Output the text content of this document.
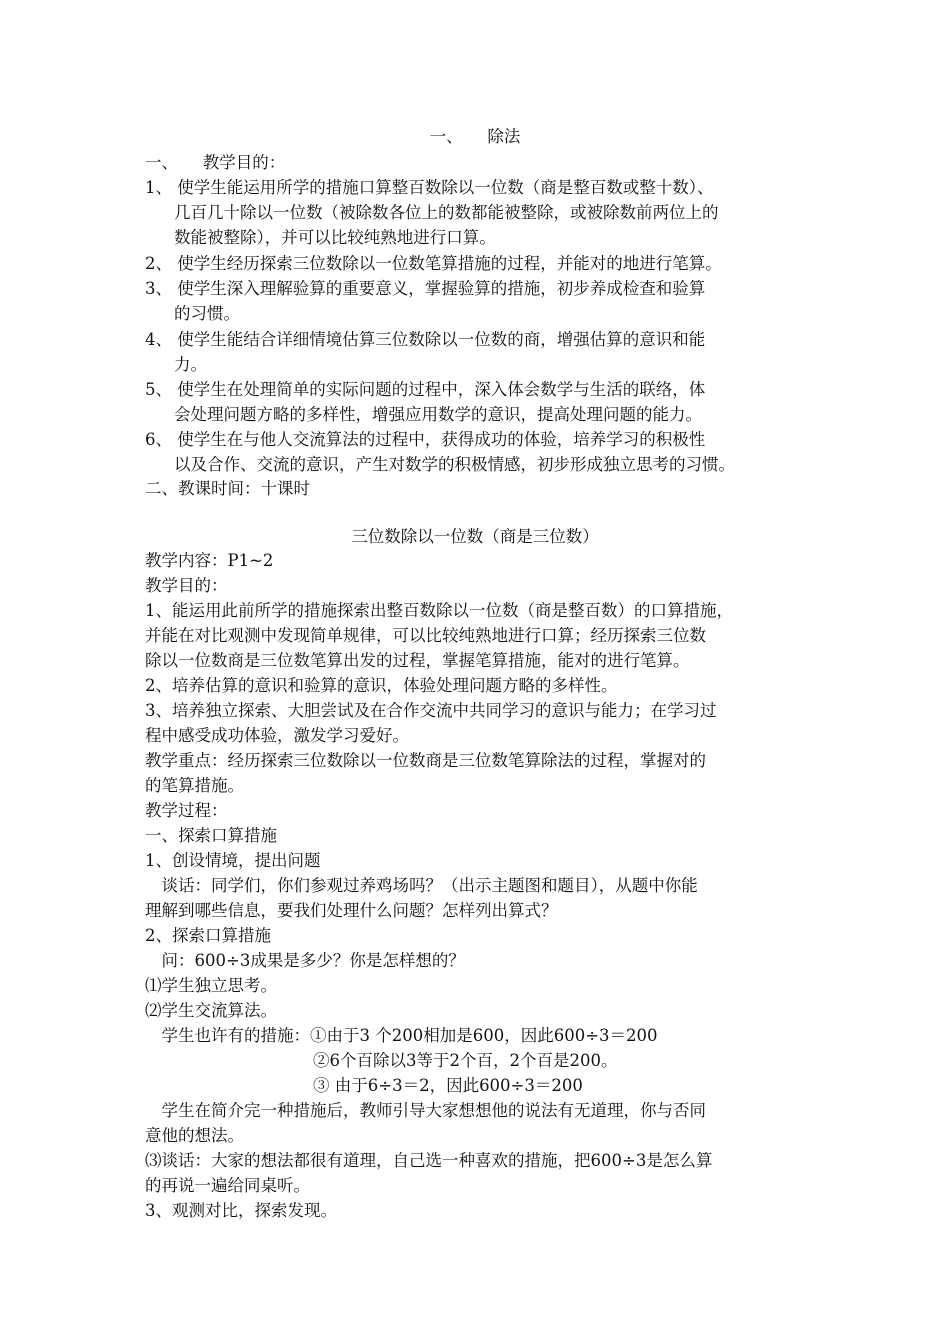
一、　　除法
一、　　教学目的：
1、 使学生能运用所学的措施口算整百数除以一位数（商是整百数或整十数）、
几百几十除以一位数（被除数各位上的数都能被整除，或被除数前两位上的
数能被整除），并可以比较纯熟地进行口算。
2、 使学生经历探索三位数除以一位数笔算措施的过程，并能对的地进行笔算。
3、 使学生深入理解验算的重要意义，掌握验算的措施，初步养成检查和验算
的习惯。
4、 使学生能结合详细情境估算三位数除以一位数的商，增强估算的意识和能
力。
5、 使学生在处理简单的实际问题的过程中，深入体会数学与生活的联络，体
会处理问题方略的多样性，增强应用数学的意识，提高处理问题的能力。
6、 使学生在与他人交流算法的过程中，获得成功的体验，培养学习的积极性
以及合作、交流的意识，产生对数学的积极情感，初步形成独立思考的习惯。
二、教课时间：十课时
三位数除以一位数（商是三位数）
教学内容：P1~2
教学目的：
1、能运用此前所学的措施探索出整百数除以一位数（商是整百数）的口算措施，
并能在对比观测中发现简单规律，可以比较纯熟地进行口算；经历探索三位数
除以一位数商是三位数笔算出发的过程，掌握笔算措施，能对的进行笔算。
2、培养估算的意识和验算的意识，体验处理问题方略的多样性。
3、培养独立探索、大胆尝试及在合作交流中共同学习的意识与能力；在学习过
程中感受成功体验，激发学习爱好。
教学重点：经历探索三位数除以一位数商是三位数笔算除法的过程，掌握对的
的笔算措施。
教学过程：
一、探索口算措施
1、创设情境，提出问题
　谈话：同学们，你们参观过养鸡场吗？（出示主题图和题目），从题中你能
理解到哪些信息，要我们处理什么问题？怎样列出算式？
2、探索口算措施
　问：600÷3成果是多少？你是怎样想的？
⑴学生独立思考。
⑵学生交流算法。
　学生也许有的措施：①由于3 个200相加是600，因此600÷3＝200
②6个百除以3等于2个百，2个百是200。
③ 由于6÷3＝2，因此600÷3＝200
　学生在简介完一种措施后，教师引导大家想想他的说法有无道理，你与否同
意他的想法。
⑶谈话：大家的想法都很有道理，自己选一种喜欢的措施，把600÷3是怎么算
的再说一遍给同桌听。
3、观测对比，探索发现。
